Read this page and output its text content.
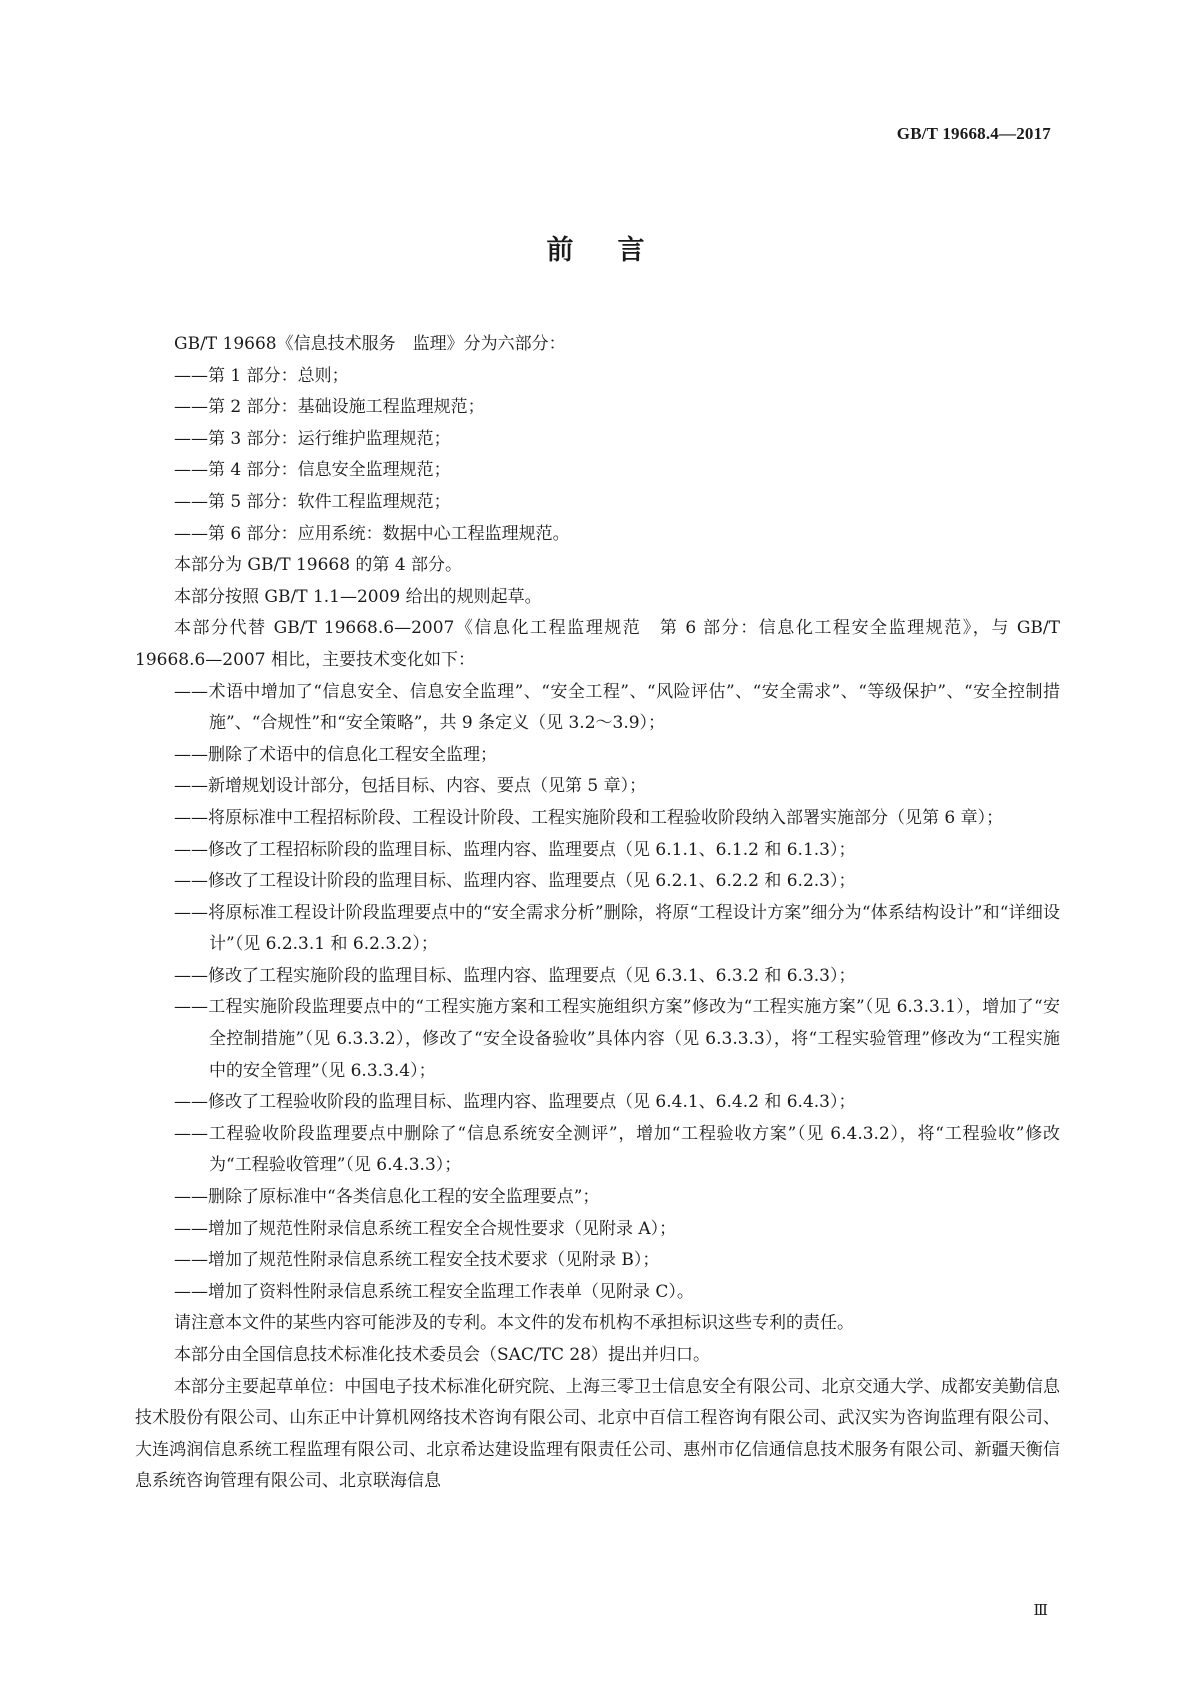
GB/T 19668.4—2017
前言

GB/T 19668《信息技术服务　监理》分为六部分：

——第 1 部分：总则；

——第 2 部分：基础设施工程监理规范；

——第 3 部分：运行维护监理规范；

——第 4 部分：信息安全监理规范；

——第 5 部分：软件工程监理规范；

——第 6 部分：应用系统：数据中心工程监理规范。

本部分为 GB/T 19668 的第 4 部分。

本部分按照 GB/T 1.1—2009 给出的规则起草。

本部分代替 GB/T 19668.6—2007《信息化工程监理规范　第 6 部分：信息化工程安全监理规范》，与 GB/T 19668.6—2007 相比，主要技术变化如下：

——术语中增加了“信息安全、信息安全监理”、“安全工程”、“风险评估”、“安全需求”、“等级保护”、“安全控制措施”、“合规性”和“安全策略”，共 9 条定义（见 3.2～3.9）；

——删除了术语中的信息化工程安全监理；

——新增规划设计部分，包括目标、内容、要点（见第 5 章）；

——将原标准中工程招标阶段、工程设计阶段、工程实施阶段和工程验收阶段纳入部署实施部分（见第 6 章）；

——修改了工程招标阶段的监理目标、监理内容、监理要点（见 6.1.1、6.1.2 和 6.1.3）；

——修改了工程设计阶段的监理目标、监理内容、监理要点（见 6.2.1、6.2.2 和 6.2.3）；

——将原标准工程设计阶段监理要点中的“安全需求分析”删除，将原“工程设计方案”细分为“体系结构设计”和“详细设计”（见 6.2.3.1 和 6.2.3.2）；

——修改了工程实施阶段的监理目标、监理内容、监理要点（见 6.3.1、6.3.2 和 6.3.3）；

——工程实施阶段监理要点中的“工程实施方案和工程实施组织方案”修改为“工程实施方案”（见 6.3.3.1），增加了“安全控制措施”（见 6.3.3.2），修改了“安全设备验收”具体内容（见 6.3.3.3），将“工程实验管理”修改为“工程实施中的安全管理”（见 6.3.3.4）；

——修改了工程验收阶段的监理目标、监理内容、监理要点（见 6.4.1、6.4.2 和 6.4.3）；

——工程验收阶段监理要点中删除了“信息系统安全测评”，增加“工程验收方案”（见 6.4.3.2），将“工程验收”修改为“工程验收管理”（见 6.4.3.3）；

——删除了原标准中“各类信息化工程的安全监理要点”；

——增加了规范性附录信息系统工程安全合规性要求（见附录 A）；

——增加了规范性附录信息系统工程安全技术要求（见附录 B）；

——增加了资料性附录信息系统工程安全监理工作表单（见附录 C）。

请注意本文件的某些内容可能涉及的专利。本文件的发布机构不承担标识这些专利的责任。

本部分由全国信息技术标准化技术委员会（SAC/TC 28）提出并归口。

本部分主要起草单位：中国电子技术标准化研究院、上海三零卫士信息安全有限公司、北京交通大学、成都安美勤信息技术股份有限公司、山东正中计算机网络技术咨询有限公司、北京中百信工程咨询有限公司、武汉实为咨询监理有限公司、大连鸿润信息系统工程监理有限公司、北京希达建设监理有限责任公司、惠州市亿信通信息技术服务有限公司、新疆天衡信息系统咨询管理有限公司、北京联海信息

Ⅲ
